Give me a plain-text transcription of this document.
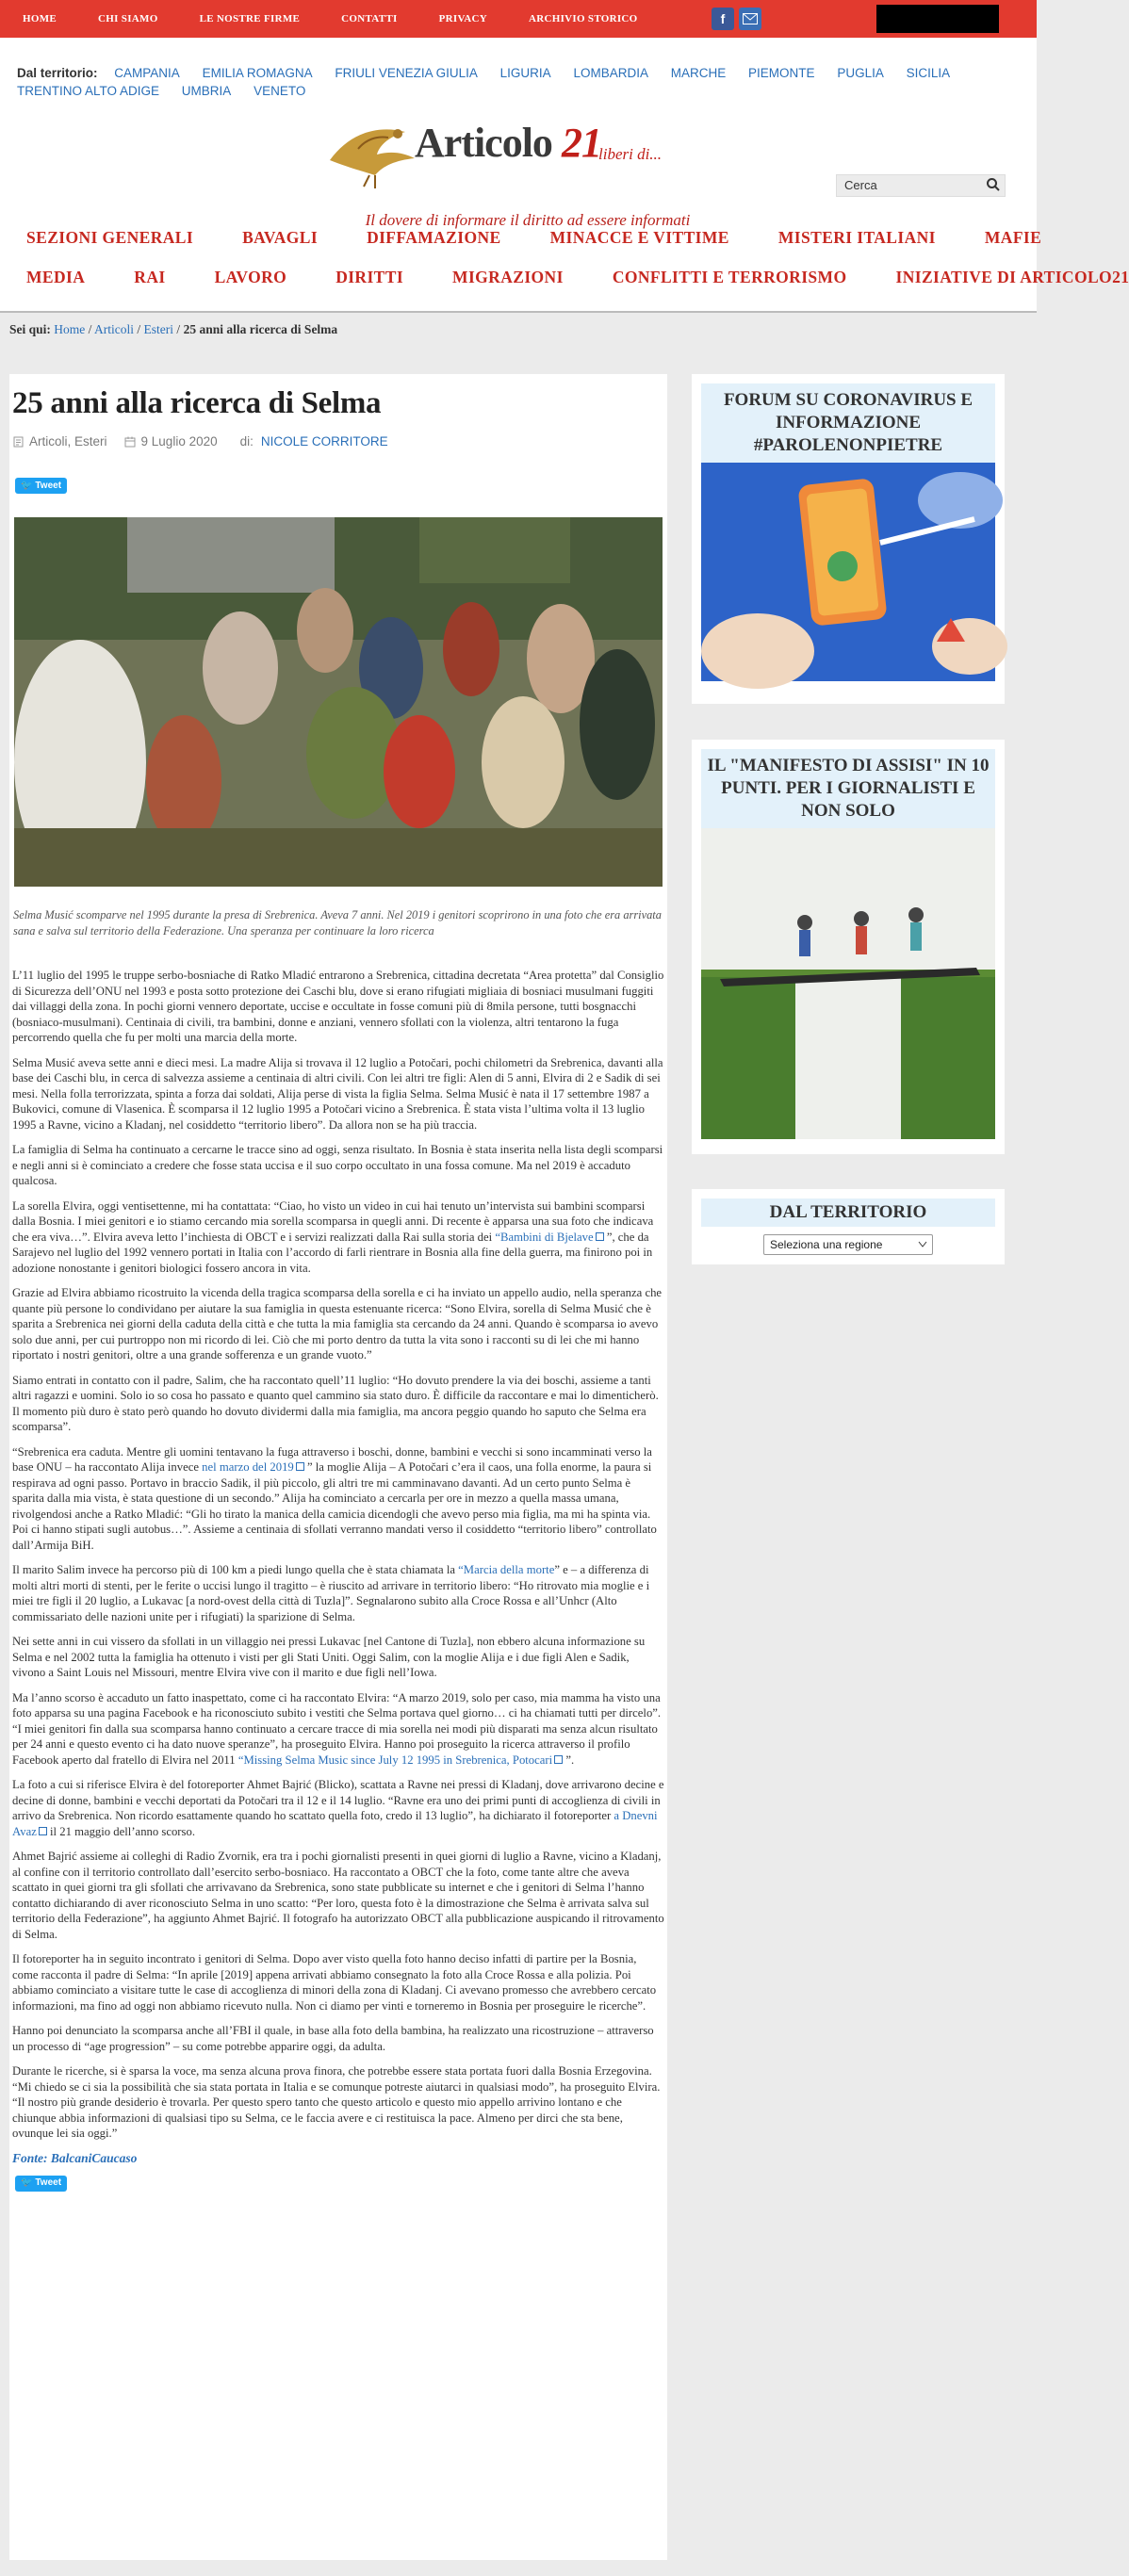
HOME	CHI SIAMO	LE NOSTRE FIRME	CONTATTI	PRIVACY	ARCHIVIO STORICO	f
Dal territorio: CAMPANIA EMILIA ROMAGNA FRIULI VENEZIA GIULIA LIGURIA LOMBARDIA MARCHE PIEMONTE PUGLIA SICILIA
TRENTINO ALTO ADIGE UMBRIA VENETO
Articolo 21
liberi di...
Il dovere di informare il diritto ad essere informati
Cerca
SEZIONI GENERALI	BAVAGLI	DIFFAMAZIONE	MINACCE E VITTIME	MISTERI ITALIANI	MAFIE
MEDIA	RAI	LAVORO	DIRITTI	MIGRAZIONI	CONFLITTI E TERRORISMO	INIZIATIVE DI ARTICOLO21
Sei qui: Home / Articoli / Esteri / 25 anni alla ricerca di Selma
25 anni alla ricerca di Selma
Articoli, Esteri	9 Luglio 2020 di: NICOLE CORRITORE
🐦 Tweet

Selma Musić scomparve nel 1995 durante la presa di Srebrenica. Aveva 7 anni. Nel 2019 i genitori scoprirono in una foto che era arrivata sana e salva sul territorio della Federazione. Una speranza per continuare la loro ricerca

L’11 luglio del 1995 le truppe serbo-bosniache di Ratko Mladić entrarono a Srebrenica, cittadina decretata “Area protetta” dal Consiglio di Sicurezza dell’ONU nel 1993 e posta sotto protezione dei Caschi blu, dove si erano rifugiati migliaia di bosniaci musulmani fuggiti dai villaggi della zona. In pochi giorni vennero deportate, uccise e occultate in fosse comuni più di 8mila persone, tutti bosgnacchi (bosniaco-musulmani). Centinaia di civili, tra bambini, donne e anziani, vennero sfollati con la violenza, altri tentarono la fuga percorrendo quella che fu per molti una marcia della morte.

Selma Musić aveva sette anni e dieci mesi. La madre Alija si trovava il 12 luglio a Potočari, pochi chilometri da Srebrenica, davanti alla base dei Caschi blu, in cerca di salvezza assieme a centinaia di altri civili. Con lei altri tre figli: Alen di 5 anni, Elvira di 2 e Sadik di sei mesi. Nella folla terrorizzata, spinta a forza dai soldati, Alija perse di vista la figlia Selma. Selma Musić è nata il 17 settembre 1987 a Bukovici, comune di Vlasenica. È scomparsa il 12 luglio 1995 a Potočari vicino a Srebrenica. È stata vista l’ultima volta il 13 luglio 1995 a Ravne, vicino a Kladanj, nel cosiddetto “territorio libero”. Da allora non se ha più traccia.

La famiglia di Selma ha continuato a cercarne le tracce sino ad oggi, senza risultato. In Bosnia è stata inserita nella lista degli scomparsi e negli anni si è cominciato a credere che fosse stata uccisa e il suo corpo occultato in una fossa comune. Ma nel 2019 è accaduto qualcosa.

La sorella Elvira, oggi ventisettenne, mi ha contattata: “Ciao, ho visto un video in cui hai tenuto un’intervista sui bambini scomparsi dalla Bosnia. I miei genitori e io stiamo cercando mia sorella scomparsa in quegli anni. Di recente è apparsa una sua foto che indicava che era viva…”. Elvira aveva letto l’inchiesta di OBCT e i servizi realizzati dalla Rai sulla storia dei “Bambini di Bjelave ”, che da Sarajevo nel luglio del 1992 vennero portati in Italia con l’accordo di farli rientrare in Bosnia alla fine della guerra, ma finirono poi in adozione nonostante i genitori biologici fossero ancora in vita.

Grazie ad Elvira abbiamo ricostruito la vicenda della tragica scomparsa della sorella e ci ha inviato un appello audio, nella speranza che quante più persone lo condividano per aiutare la sua famiglia in questa estenuante ricerca: “Sono Elvira, sorella di Selma Musić che è sparita a Srebrenica nei giorni della caduta della città e che tutta la mia famiglia sta cercando da 24 anni. Quando è scomparsa io avevo solo due anni, per cui purtroppo non mi ricordo di lei. Ciò che mi porto dentro da tutta la vita sono i racconti su di lei che mi hanno riportato i nostri genitori, oltre a una grande sofferenza e un grande vuoto.”

Siamo entrati in contatto con il padre, Salim, che ha raccontato quell’11 luglio: “Ho dovuto prendere la via dei boschi, assieme a tanti altri ragazzi e uomini. Solo io so cosa ho passato e quanto quel cammino sia stato duro. È difficile da raccontare e mai lo dimenticherò. Il momento più duro è stato però quando ho dovuto dividermi dalla mia famiglia, ma ancora peggio quando ho saputo che Selma era scomparsa”.

“Srebrenica era caduta. Mentre gli uomini tentavano la fuga attraverso i boschi, donne, bambini e vecchi si sono incamminati verso la base ONU – ha raccontato Alija invece nel marzo del 2019 ” la moglie Alija – A Potočari c’era il caos, una folla enorme, la paura si respirava ad ogni passo. Portavo in braccio Sadik, il più piccolo, gli altri tre mi camminavano davanti. Ad un certo punto Selma è sparita dalla mia vista, è stata questione di un secondo.” Alija ha cominciato a cercarla per ore in mezzo a quella massa umana, rivolgendosi anche a Ratko Mladić: “Gli ho tirato la manica della camicia dicendogli che avevo perso mia figlia, ma mi ha spinta via. Poi ci hanno stipati sugli autobus…”. Assieme a centinaia di sfollati verranno mandati verso il cosiddetto “territorio libero” controllato dall’Armija BiH.

Il marito Salim invece ha percorso più di 100 km a piedi lungo quella che è stata chiamata la “Marcia della morte” e – a differenza di molti altri morti di stenti, per le ferite o uccisi lungo il tragitto – è riuscito ad arrivare in territorio libero: “Ho ritrovato mia moglie e i miei tre figli il 20 luglio, a Lukavac [a nord-ovest della città di Tuzla]”. Segnalarono subito alla Croce Rossa e all’Unhcr (Alto commissariato delle nazioni unite per i rifugiati) la sparizione di Selma.

Nei sette anni in cui vissero da sfollati in un villaggio nei pressi Lukavac [nel Cantone di Tuzla], non ebbero alcuna informazione su Selma e nel 2002 tutta la famiglia ha ottenuto i visti per gli Stati Uniti. Oggi Salim, con la moglie Alija e i due figli Alen e Sadik, vivono a Saint Louis nel Missouri, mentre Elvira vive con il marito e due figli nell’Iowa.

Ma l’anno scorso è accaduto un fatto inaspettato, come ci ha raccontato Elvira: “A marzo 2019, solo per caso, mia mamma ha visto una foto apparsa su una pagina Facebook e ha riconosciuto subito i vestiti che Selma portava quel giorno… ci ha chiamati tutti per dircelo”. “I miei genitori fin dalla sua scomparsa hanno continuato a cercare tracce di mia sorella nei modi più disparati ma senza alcun risultato per 24 anni e questo evento ci ha dato nuove speranze”, ha proseguito Elvira. Hanno poi proseguito la ricerca attraverso il profilo Facebook aperto dal fratello di Elvira nel 2011 “Missing Selma Music since July 12 1995 in Srebrenica, Potocari ”.

La foto a cui si riferisce Elvira è del fotoreporter Ahmet Bajrić (Blicko), scattata a Ravne nei pressi di Kladanj, dove arrivarono decine e decine di donne, bambini e vecchi deportati da Potočari tra il 12 e il 14 luglio. “Ravne era uno dei primi punti di accoglienza di civili in arrivo da Srebrenica. Non ricordo esattamente quando ho scattato quella foto, credo il 13 luglio”, ha dichiarato il fotoreporter a Dnevni Avaz il 21 maggio dell’anno scorso.

Ahmet Bajrić assieme ai colleghi di Radio Zvornik, era tra i pochi giornalisti presenti in quei giorni di luglio a Ravne, vicino a Kladanj, al confine con il territorio controllato dall’esercito serbo-bosniaco. Ha raccontato a OBCT che la foto, come tante altre che aveva scattato in quei giorni tra gli sfollati che arrivavano da Srebrenica, sono state pubblicate su internet e che i genitori di Selma l’hanno contatto dichiarando di aver riconosciuto Selma in uno scatto: “Per loro, questa foto è la dimostrazione che Selma è arrivata salva sul territorio della Federazione”, ha aggiunto Ahmet Bajrić. Il fotografo ha autorizzato OBCT alla pubblicazione auspicando il ritrovamento di Selma.

Il fotoreporter ha in seguito incontrato i genitori di Selma. Dopo aver visto quella foto hanno deciso infatti di partire per la Bosnia, come racconta il padre di Selma: “In aprile [2019] appena arrivati abbiamo consegnato la foto alla Croce Rossa e alla polizia. Poi abbiamo cominciato a visitare tutte le case di accoglienza di minori della zona di Kladanj. Ci avevano promesso che avrebbero cercato informazioni, ma fino ad oggi non abbiamo ricevuto nulla. Non ci diamo per vinti e torneremo in Bosnia per proseguire le ricerche”.

Hanno poi denunciato la scomparsa anche all’FBI il quale, in base alla foto della bambina, ha realizzato una ricostruzione – attraverso un processo di “age progression” – su come potrebbe apparire oggi, da adulta.

Durante le ricerche, si è sparsa la voce, ma senza alcuna prova finora, che potrebbe essere stata portata fuori dalla Bosnia Erzegovina. “Mi chiedo se ci sia la possibilità che sia stata portata in Italia e se comunque potreste aiutarci in qualsiasi modo”, ha proseguito Elvira. “Il nostro più grande desiderio è trovarla. Per questo spero tanto che questo articolo e questo mio appello arrivino lontano e che chiunque abbia informazioni di qualsiasi tipo su Selma, ce le faccia avere e ci restituisca la pace. Almeno per dirci che sta bene, ovunque lei sia oggi.”

Fonte: BalcaniCaucaso

🐦 Tweet
FORUM SU CORONAVIRUS E INFORMAZIONE #PAROLENONPIETRE
IL "MANIFESTO DI ASSISI" IN 10 PUNTI. PER I GIORNALISTI E NON SOLO
DAL TERRITORIO
Seleziona una regione
